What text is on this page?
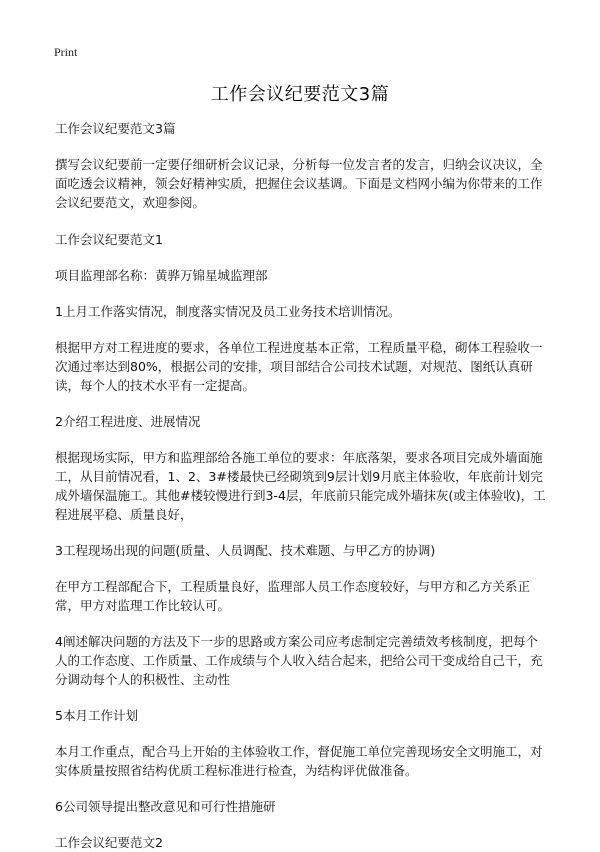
Print
工作会议纪要范文3篇

工作会议纪要范文3篇

撰写会议纪要前一定要仔细研析会议记录，分析每一位发言者的发言，归纳会议决议，全面吃透会议精神，领会好精神实质，把握住会议基调。下面是文档网小编为你带来的工作会议纪要范文，欢迎参阅。

工作会议纪要范文1

项目监理部名称：黄骅万锦星城监理部

1上月工作落实情况，制度落实情况及员工业务技术培训情况。

根据甲方对工程进度的要求，各单位工程进度基本正常，工程质量平稳，砌体工程验收一次通过率达到80%，根据公司的安排，项目部结合公司技术试题，对规范、图纸认真研读，每个人的技术水平有一定提高。

2介绍工程进度、进展情况

根据现场实际，甲方和监理部给各施工单位的要求：年底落架，要求各项目完成外墙面施工，从目前情况看，1、2、3#楼最快已经砌筑到9层计划9月底主体验收，年底前计划完成外墙保温施工。其他#楼较慢进行到3-4层，年底前只能完成外墙抹灰(或主体验收)，工程进展平稳、质量良好，

3工程现场出现的问题(质量、人员调配、技术难题、与甲乙方的协调)

在甲方工程部配合下，工程质量良好，监理部人员工作态度较好，与甲方和乙方关系正常，甲方对监理工作比较认可。

4阐述解决问题的方法及下一步的思路或方案公司应考虑制定完善绩效考核制度，把每个人的工作态度、工作质量、工作成绩与个人收入结合起来，把给公司干变成给自己干，充分调动每个人的积极性、主动性

5本月工作计划

本月工作重点，配合马上开始的主体验收工作，督促施工单位完善现场安全文明施工，对实体质量按照省结构优质工程标准进行检查，为结构评优做准备。

6公司领导提出整改意见和可行性措施研

工作会议纪要范文2
